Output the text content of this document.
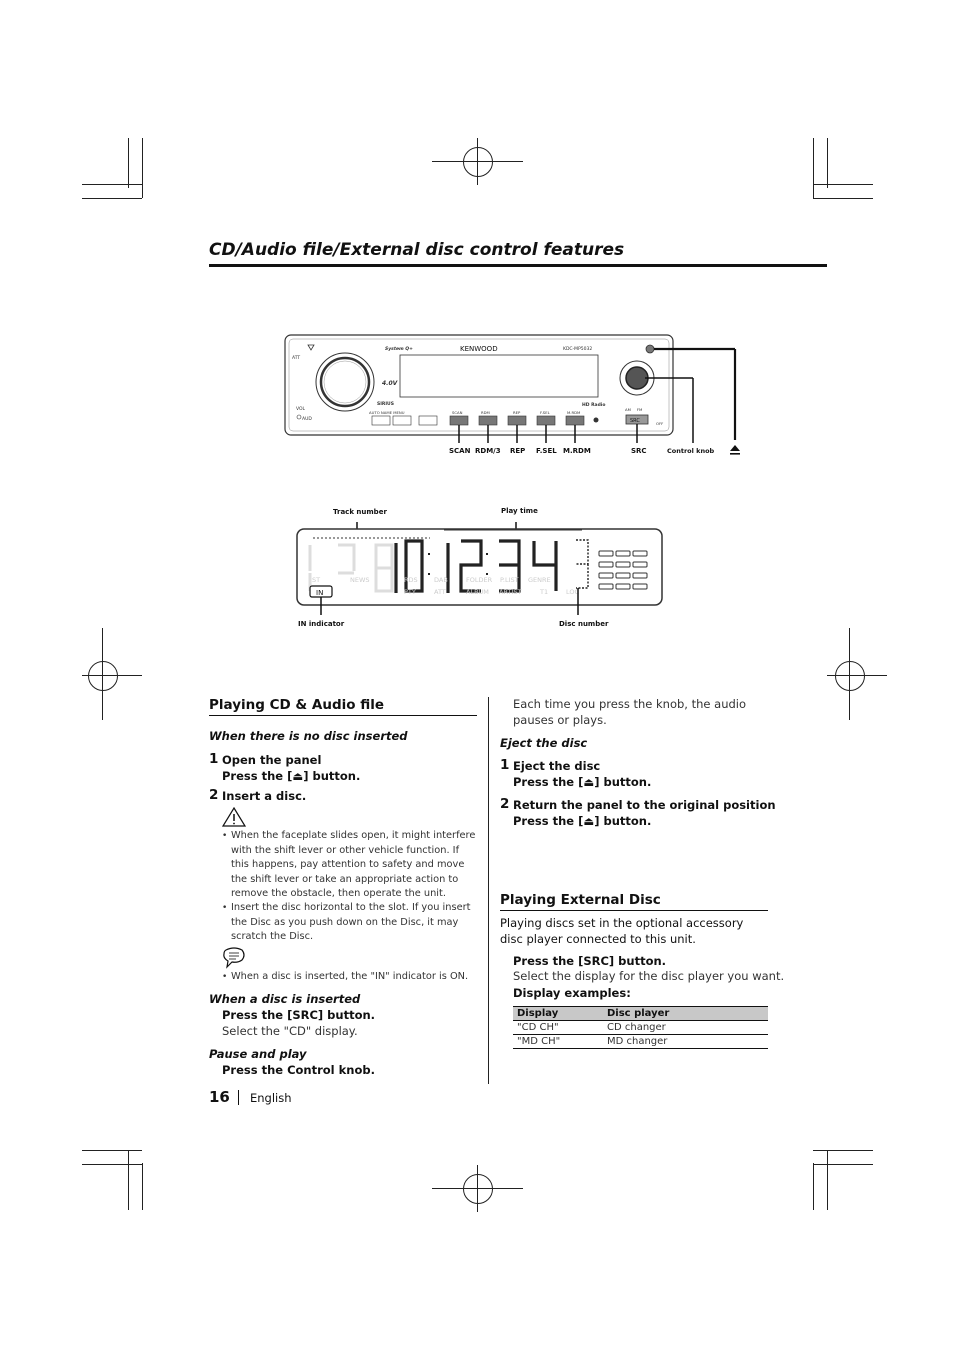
CD/Audio file/External disc control features
ATT
VOL
AUD
System Q+	KENWOOD	KDC-MP5032
4.0V
SIRIUS	HD Radio
AUTO NAME MENU	SCAN	RDM	REP	F.SEL	M.RDM
AM FM
SRC	OFF
SCAN RDM/3 REP F.SEL M.RDM	SRC	Control knob
ST	NEWS	RDS	DAB	FOLDER P.LIST GENRE
PTY	ATT	ALBUM ARTIST	T1	LOC
IN
Track number	Play time
IN indicator	Disc number
Playing CD & Audio file
When there is no disc inserted
1 Open the panel
Press the [⏏] button.
2 Insert a disc.
• When the faceplate slides open, it might interfere with the shift lever or other vehicle function. If this happens, pay attention to safety and move the shift lever or take an appropriate action to remove the obstacle, then operate the unit.
• Insert the disc horizontal to the slot. If you insert the Disc as you push down on the Disc, it may scratch the Disc.
• When a disc is inserted, the "IN" indicator is ON.
When a disc is inserted
Press the [SRC] button.
Select the "CD" display.
Pause and play
Press the Control knob.
Each time you press the knob, the audio pauses or plays.
Eject the disc
1 Eject the disc
Press the [⏏] button.
2 Return the panel to the original position
Press the [⏏] button.
Playing External Disc
Playing discs set in the optional accessory disc player connected to this unit.
Press the [SRC] button.
Select the display for the disc player you want.
Display examples:
Display	Disc player
"CD CH"	CD changer
"MD CH"	MD changer
16 English
